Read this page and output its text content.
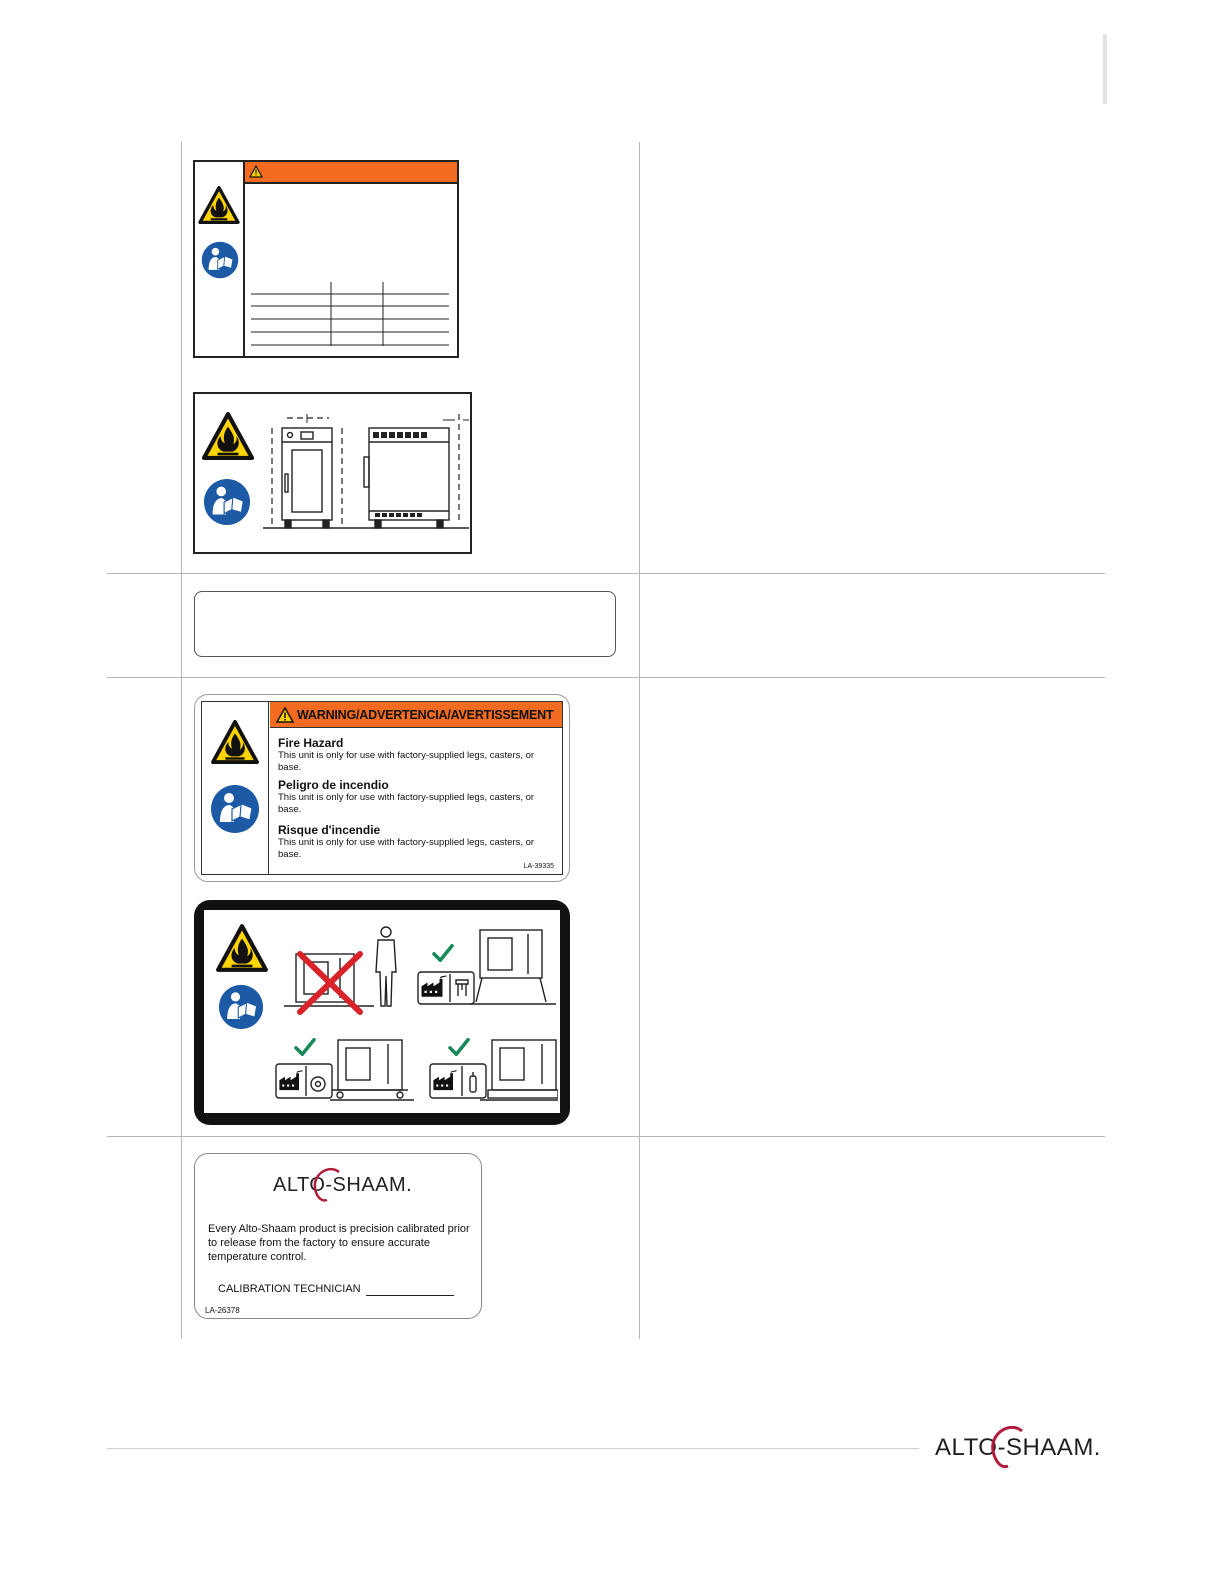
WARNING/ADVERTENCIA/AVERTISSEMENT
Fire Hazard

This unit is only for use with factory-supplied legs, casters, or base.

Peligro de incendio

This unit is only for use with factory-supplied legs, casters, or base.

Risque d'incendie

This unit is only for use with factory-supplied legs, casters, or base.

LA-39335
ALTO-SHAAM.
Every Alto-Shaam product is precision calibrated prior to release from the factory to ensure accurate temperature control.
CALIBRATION TECHNICIAN
LA-26378
ALTO-SHAAM.
